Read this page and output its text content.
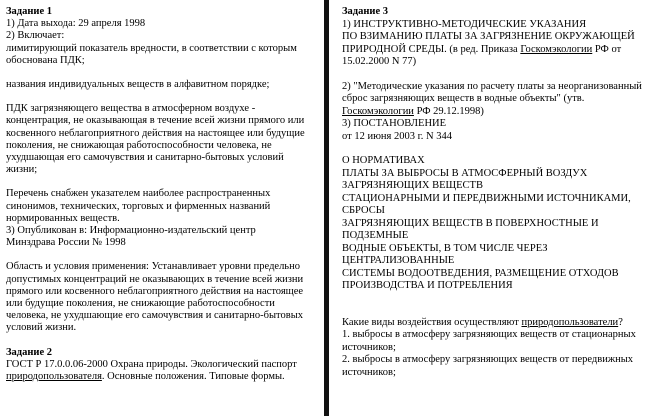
Задание 1

1) Дата выхода: 29 апреля 1998

2) Включает:

лимитирующий показатель вредности, в соответствии с которым

обоснована ПДК;

названия индивидуальных веществ в алфавитном порядке;

ПДК загрязняющего вещества в атмосферном воздухе -

концентрация, не оказывающая в течение всей жизни прямого или

косвенного неблагоприятного действия на настоящее или будущие

поколения, не снижающая работоспособности человека, не

ухудшающая его самочувствия и санитарно-бытовых условий

жизни;

Перечень снабжен указателем наиболее распространенных

синонимов, технических, торговых и фирменных названий

нормированных веществ.

3) Опубликован в: Информационно-издательский центр

Минздрава России № 1998

Область и условия применения: Устанавливает уровни предельно

допустимых концентраций не оказывающих в течение всей жизни

прямого или косвенного неблагоприятного действия на настоящее

или будущие поколения, не снижающие работоспособности

человека, не ухудшающие его самочувствия и санитарно-бытовых

условий жизни.

Задание 2

ГОСТ Р 17.0.0.06-2000 Охрана природы. Экологический паспорт

природопользователя. Основные положения. Типовые формы.

Задание 3

1) ИНСТРУКТИВНО-МЕТОДИЧЕСКИЕ УКАЗАНИЯ

ПО ВЗИМАНИЮ ПЛАТЫ ЗА ЗАГРЯЗНЕНИЕ ОКРУЖАЮЩЕЙ

ПРИРОДНОЙ СРЕДЫ. (в ред. Приказа Госкомэкологии РФ от

15.02.2000 N 77)

2) "Методические указания по расчету платы за неорганизованный

сброс загрязняющих веществ в водные объекты" (утв.

Госкомэкологии РФ 29.12.1998)

3) ПОСТАНОВЛЕНИЕ

от 12 июня 2003 г. N 344

О НОРМАТИВАХ

ПЛАТЫ ЗА ВЫБРОСЫ В АТМОСФЕРНЫЙ ВОЗДУХ

ЗАГРЯЗНЯЮЩИХ ВЕЩЕСТВ

СТАЦИОНАРНЫМИ И ПЕРЕДВИЖНЫМИ ИСТОЧНИКАМИ,

СБРОСЫ

ЗАГРЯЗНЯЮЩИХ ВЕЩЕСТВ В ПОВЕРХНОСТНЫЕ И

ПОДЗЕМНЫЕ

ВОДНЫЕ ОБЪЕКТЫ, В ТОМ ЧИСЛЕ ЧЕРЕЗ

ЦЕНТРАЛИЗОВАННЫЕ

СИСТЕМЫ ВОДООТВЕДЕНИЯ, РАЗМЕЩЕНИЕ ОТХОДОВ

ПРОИЗВОДСТВА И ПОТРЕБЛЕНИЯ

Какие виды воздействия осуществляют природопользователи?

1. выбросы в атмосферу загрязняющих веществ от стационарных

источников;

2. выбросы в атмосферу загрязняющих веществ от передвижных

источников;
